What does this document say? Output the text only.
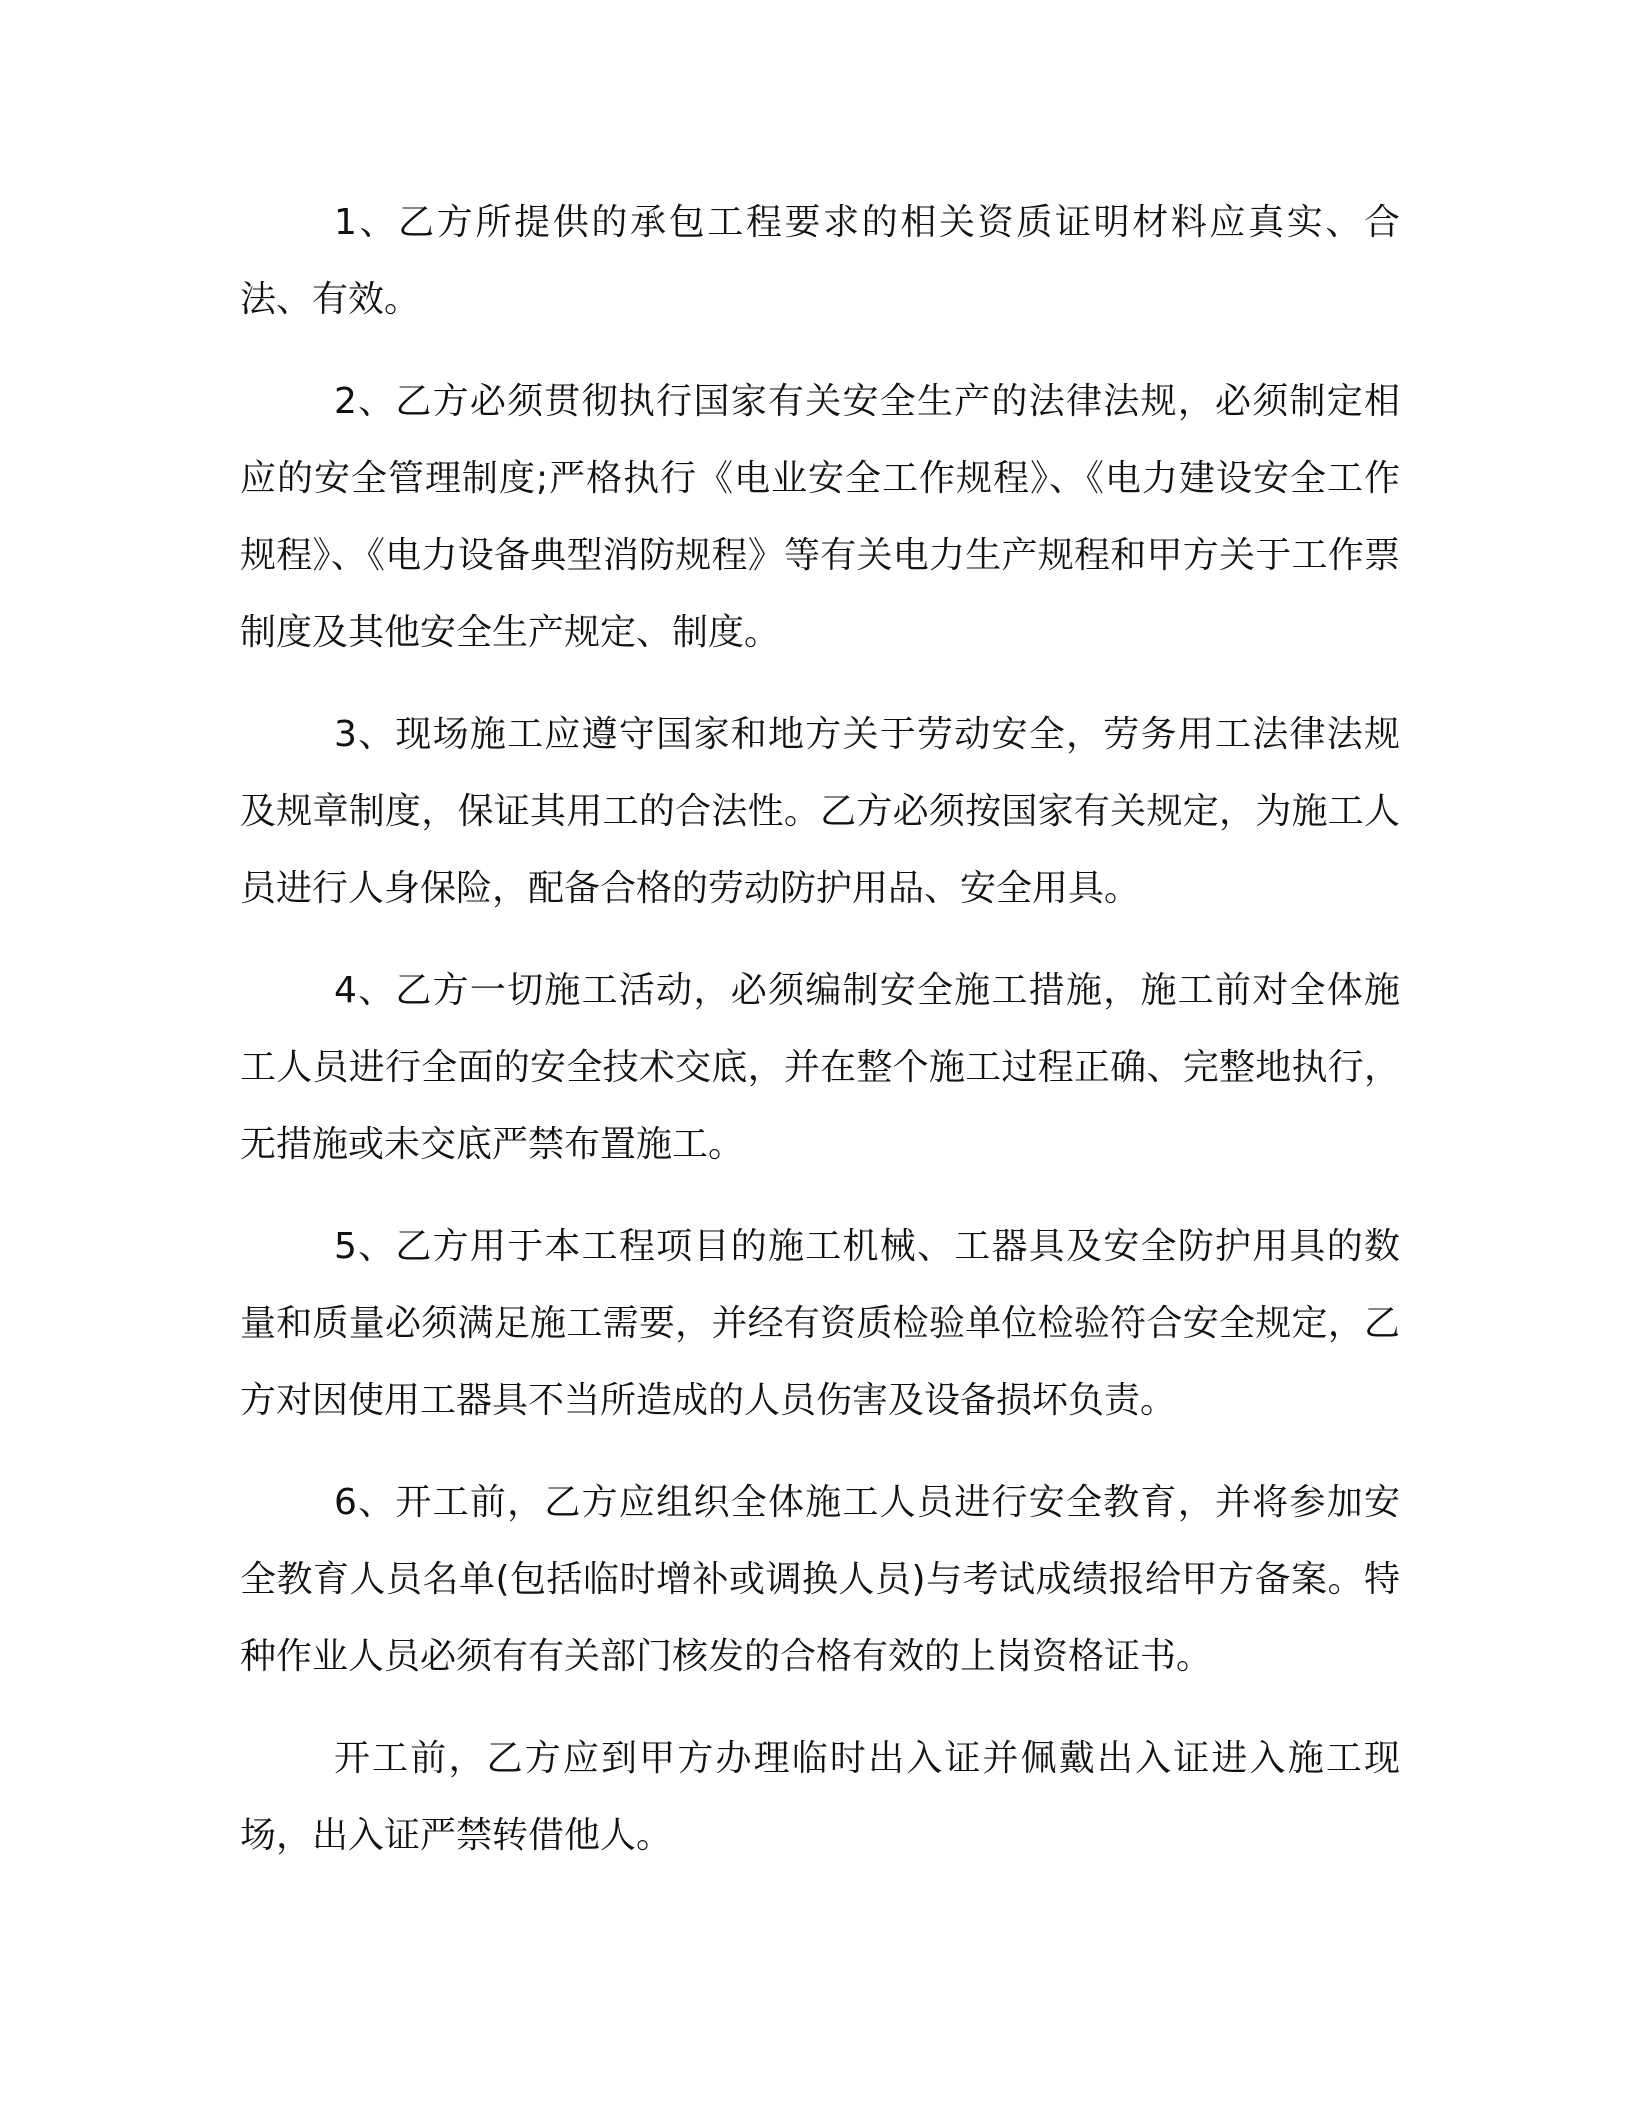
1、乙方所提供的承包工程要求的相关资质证明材料应真实、合法、有效。

2、乙方必须贯彻执行国家有关安全生产的法律法规，必须制定相应的安全管理制度;严格执行《电业安全工作规程》、《电力建设安全工作规程》、《电力设备典型消防规程》等有关电力生产规程和甲方关于工作票制度及其他安全生产规定、制度。

3、现场施工应遵守国家和地方关于劳动安全，劳务用工法律法规及规章制度，保证其用工的合法性。乙方必须按国家有关规定，为施工人员进行人身保险，配备合格的劳动防护用品、安全用具。

4、乙方一切施工活动，必须编制安全施工措施，施工前对全体施工人员进行全面的安全技术交底，并在整个施工过程正确、完整地执行，无措施或未交底严禁布置施工。

5、乙方用于本工程项目的施工机械、工器具及安全防护用具的数量和质量必须满足施工需要，并经有资质检验单位检验符合安全规定，乙方对因使用工器具不当所造成的人员伤害及设备损坏负责。

6、开工前，乙方应组织全体施工人员进行安全教育，并将参加安全教育人员名单(包括临时增补或调换人员)与考试成绩报给甲方备案。特种作业人员必须有有关部门核发的合格有效的上岗资格证书。

开工前，乙方应到甲方办理临时出入证并佩戴出入证进入施工现场，出入证严禁转借他人。
